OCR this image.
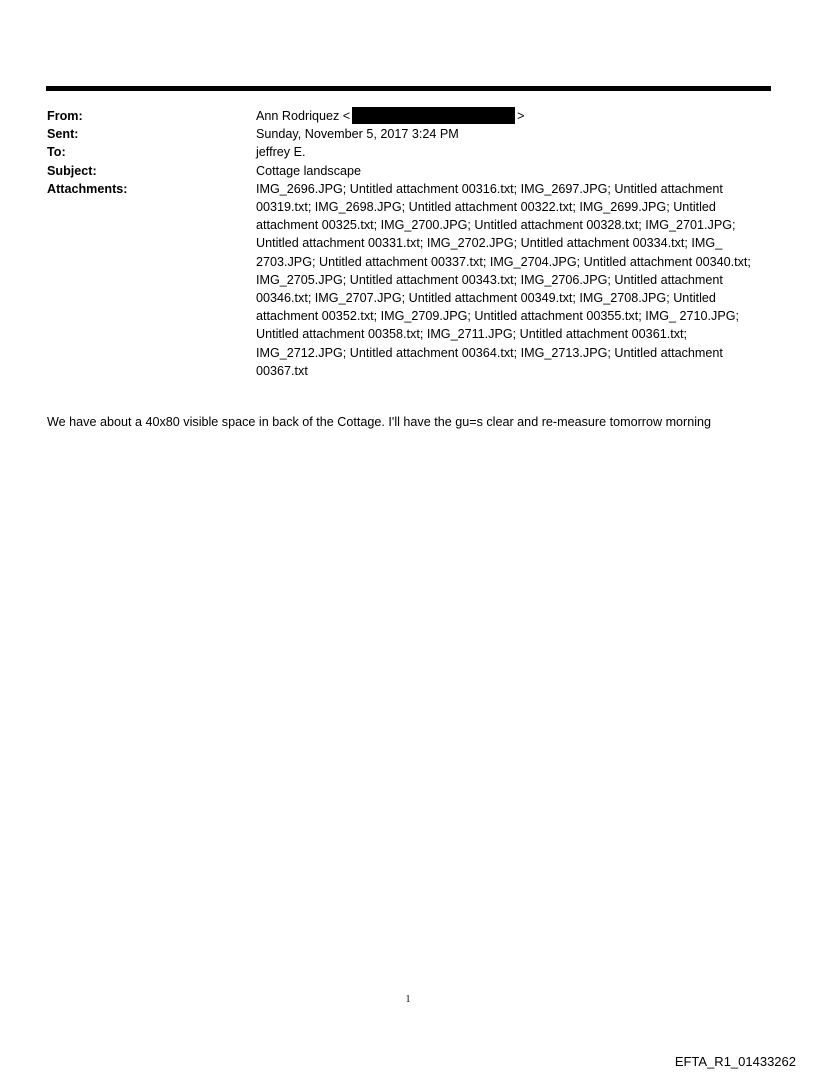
From:	Ann Rodriquez <	>
Sent:	Sunday, November 5, 2017 3:24 PM
To:	jeffrey E.
Subject:	Cottage landscape
Attachments:	IMG_2696.JPG; Untitled attachment 00316.txt; IMG_2697.JPG; Untitled attachment 00319.txt; IMG_2698.JPG; Untitled attachment 00322.txt; IMG_2699.JPG; Untitled attachment 00325.txt; IMG_2700.JPG; Untitled attachment 00328.txt; IMG_2701.JPG; Untitled attachment 00331.txt; IMG_2702.JPG; Untitled attachment 00334.txt; IMG_ 2703.JPG; Untitled attachment 00337.txt; IMG_2704.JPG; Untitled attachment 00340.txt; IMG_2705.JPG; Untitled attachment 00343.txt; IMG_2706.JPG; Untitled attachment 00346.txt; IMG_2707.JPG; Untitled attachment 00349.txt; IMG_2708.JPG; Untitled attachment 00352.txt; IMG_2709.JPG; Untitled attachment 00355.txt; IMG_ 2710.JPG; Untitled attachment 00358.txt; IMG_2711.JPG; Untitled attachment 00361.txt; IMG_2712.JPG; Untitled attachment 00364.txt; IMG_2713.JPG; Untitled attachment 00367.txt
We have about a 40x80 visible space in back of the Cottage. I'll have the gu=s clear and re-measure tomorrow morning
1
EFTA_R1_01433262
